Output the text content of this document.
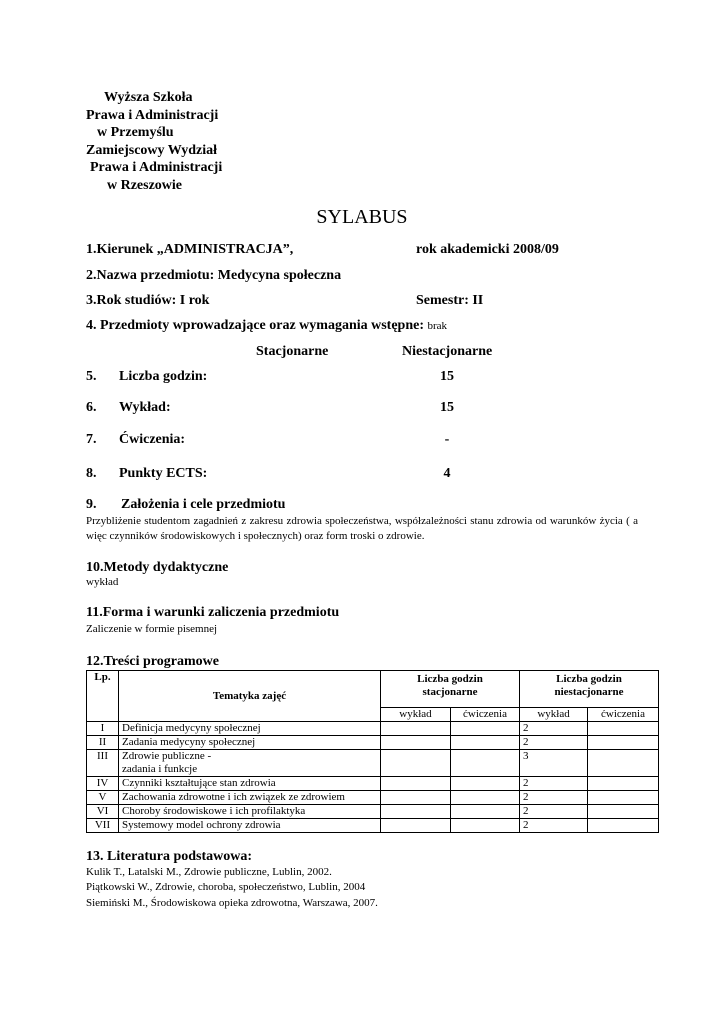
Wyższa Szkoła
Prawa i Administracji
w Przemyślu
Zamiejscowy Wydział
Prawa i Administracji
w Rzeszowie
SYLABUS
1.Kierunek „ADMINISTRACJA”,	rok akademicki 2008/09
2.Nazwa przedmiotu: Medycyna społeczna
3.Rok studiów: I rok	Semestr: II
4. Przedmioty wprowadzające oraz wymagania wstępne: brak
Stacjonarne	Niestacjonarne
5. Liczba godzin:	15
6. Wykład:	15
7. Ćwiczenia:	-
8. Punkty ECTS:	4
9. Założenia i cele przedmiotu
Przybliżenie studentom zagadnień z zakresu zdrowia społeczeństwa, współzależności stanu zdrowia od warunków życia ( a więc czynników środowiskowych i społecznych) oraz form troski o zdrowie.
10.Metody dydaktyczne
wykład
11.Forma i warunki zaliczenia przedmiotu
Zaliczenie w formie pisemnej
12.Treści programowe
Lp.	Tematyka zajęć	Liczba godzin stacjonarne		Liczba godzin niestacjonarne	
		wykład	ćwiczenia	wykład	ćwiczenia
I	Definicja medycyny społecznej			2	
II	Zadania medycyny społecznej			2	
III	Zdrowie publiczne - zadania i funkcje			3	
IV	Czynniki kształtujące stan zdrowia			2	
V	Zachowania zdrowotne i ich związek ze zdrowiem			2	
VI	Choroby środowiskowe i ich profilaktyka			2	
VII	Systemowy model ochrony zdrowia			2	
13. Literatura podstawowa:
Kulik T., Latalski M., Zdrowie publiczne, Lublin, 2002.
Piątkowski W., Zdrowie, choroba, społeczeństwo, Lublin, 2004
Siemiński M., Środowiskowa opieka zdrowotna, Warszawa, 2007.
